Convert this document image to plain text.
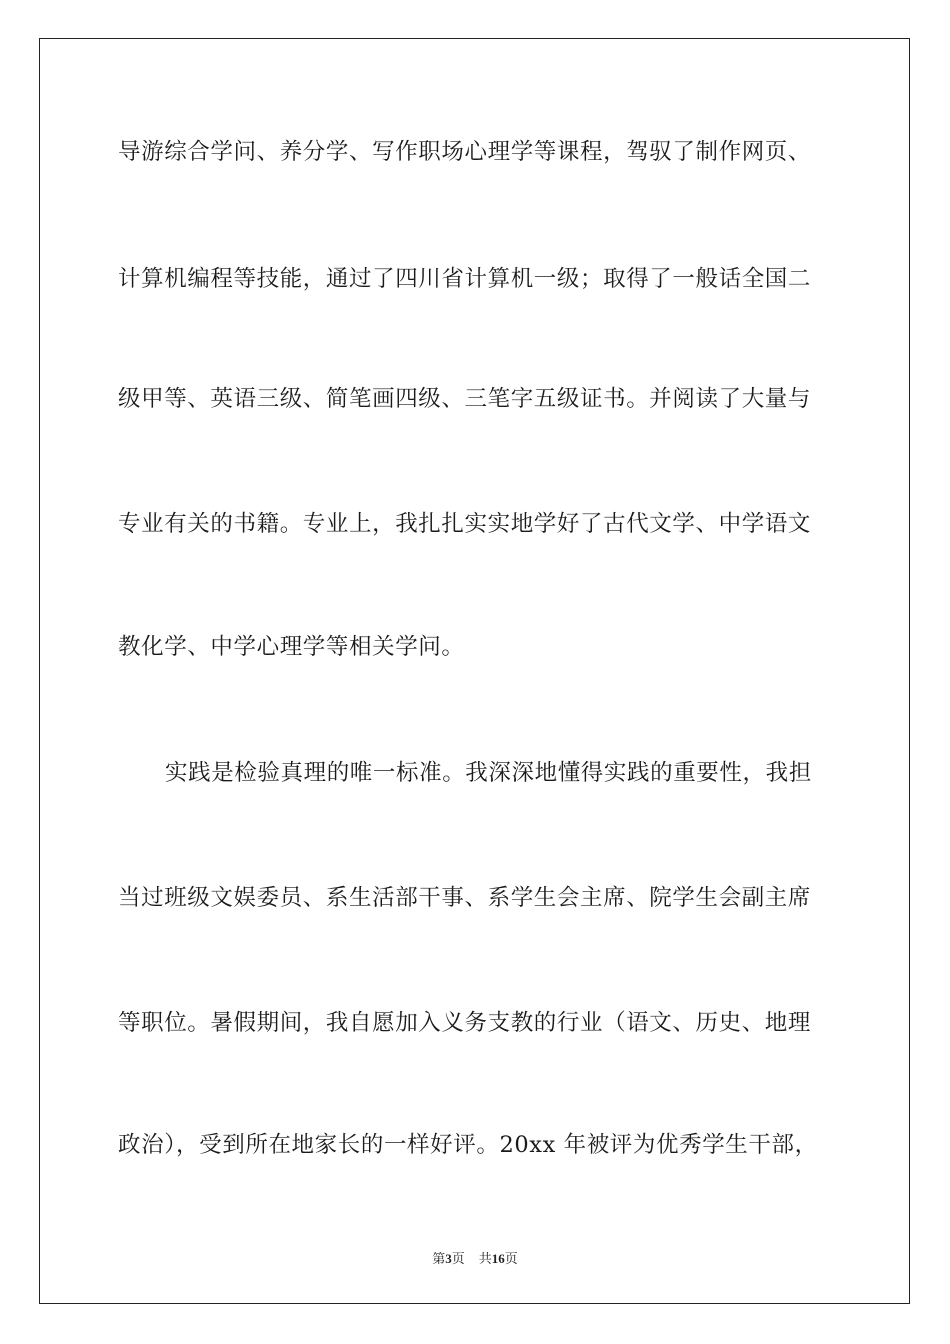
导游综合学问、养分学、写作职场心理学等课程，驾驭了制作网页、
计算机编程等技能，通过了四川省计算机一级；取得了一般话全国二
级甲等、英语三级、简笔画四级、三笔字五级证书。并阅读了大量与
专业有关的书籍。专业上，我扎扎实实地学好了古代文学、中学语文
教化学、中学心理学等相关学问。
实践是检验真理的唯一标准。我深深地懂得实践的重要性，我担
当过班级文娱委员、系生活部干事、系学生会主席、院学生会副主席
等职位。暑假期间，我自愿加入义务支教的行业（语文、历史、地理
政治），受到所在地家长的一样好评。20xx 年被评为优秀学生干部，
第3页 共16页
